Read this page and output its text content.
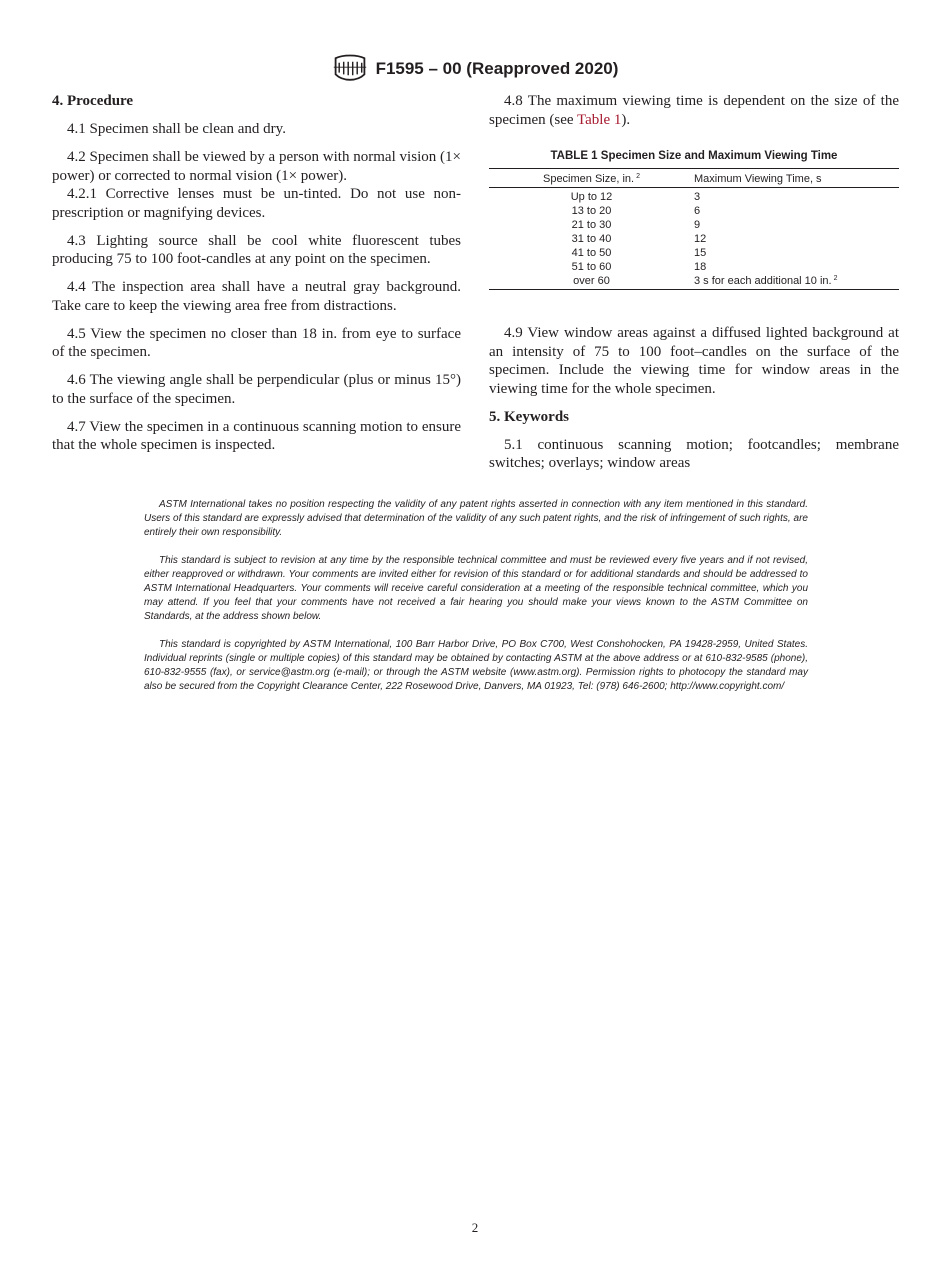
F1595 – 00 (Reapproved 2020)
4. Procedure

4.1 Specimen shall be clean and dry.

4.2 Specimen shall be viewed by a person with normal vision (1× power) or corrected to normal vision (1× power).

4.2.1 Corrective lenses must be un-tinted. Do not use non-prescription or magnifying devices.

4.3 Lighting source shall be cool white fluorescent tubes producing 75 to 100 foot-candles at any point on the specimen.

4.4 The inspection area shall have a neutral gray background. Take care to keep the viewing area free from distractions.

4.5 View the specimen no closer than 18 in. from eye to surface of the specimen.

4.6 The viewing angle shall be perpendicular (plus or minus 15°) to the surface of the specimen.

4.7 View the specimen in a continuous scanning motion to ensure that the whole specimen is inspected.

4.8 The maximum viewing time is dependent on the size of the specimen (see Table 1).

TABLE 1 Specimen Size and Maximum Viewing Time
Specimen Size, in. $^2$	Maximum Viewing Time, s
Up to 12	3
13 to 20	6
21 to 30	9
31 to 40	12
41 to 50	15
51 to 60	18
over 60	3 s for each additional 10 in. $^2$

4.9 View window areas against a diffused lighted background at an intensity of 75 to 100 foot–candles on the surface of the specimen. Include the viewing time for window areas in the viewing time for the whole specimen.

5. Keywords

5.1 continuous scanning motion; footcandles; membrane switches; overlays; window areas

ASTM International takes no position respecting the validity of any patent rights asserted in connection with any item mentioned in this standard. Users of this standard are expressly advised that determination of the validity of any such patent rights, and the risk of infringement of such rights, are entirely their own responsibility.

This standard is subject to revision at any time by the responsible technical committee and must be reviewed every five years and if not revised, either reapproved or withdrawn. Your comments are invited either for revision of this standard or for additional standards and should be addressed to ASTM International Headquarters. Your comments will receive careful consideration at a meeting of the responsible technical committee, which you may attend. If you feel that your comments have not received a fair hearing you should make your views known to the ASTM Committee on Standards, at the address shown below.

This standard is copyrighted by ASTM International, 100 Barr Harbor Drive, PO Box C700, West Conshohocken, PA 19428-2959, United States. Individual reprints (single or multiple copies) of this standard may be obtained by contacting ASTM at the above address or at 610-832-9585 (phone), 610-832-9555 (fax), or service@astm.org (e-mail); or through the ASTM website (www.astm.org). Permission rights to photocopy the standard may also be secured from the Copyright Clearance Center, 222 Rosewood Drive, Danvers, MA 01923, Tel: (978) 646-2600; http://www.copyright.com/

2
